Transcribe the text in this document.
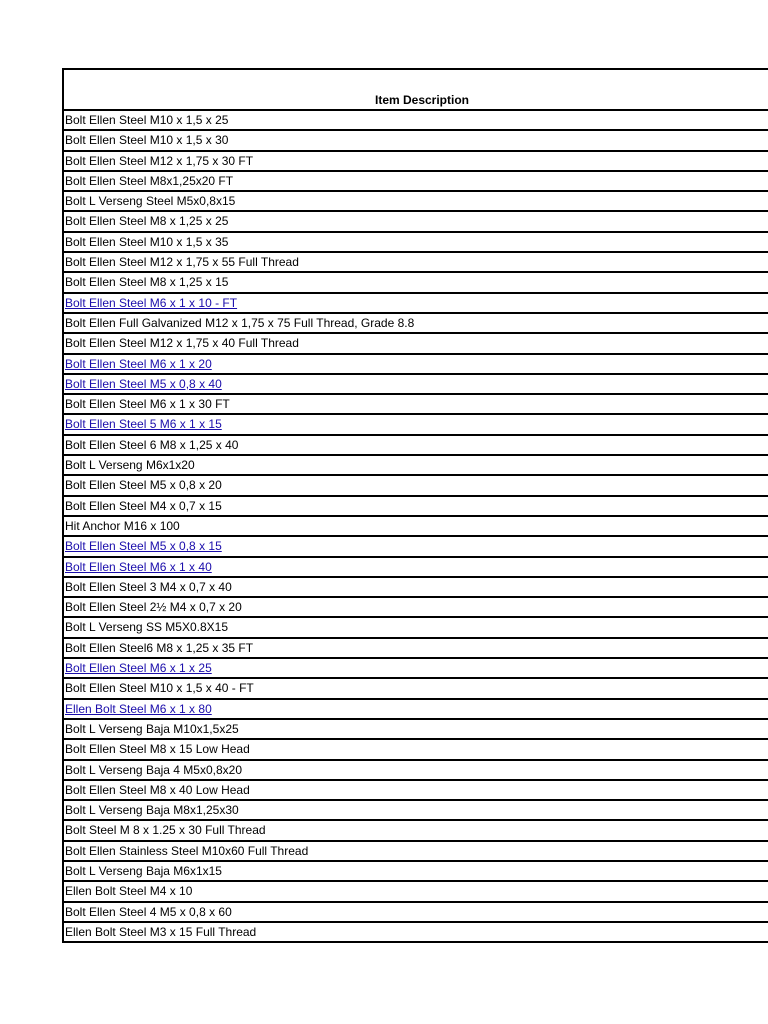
Item Description
Bolt Ellen Steel M10 x 1,5 x 25
Bolt Ellen Steel M10 x 1,5 x 30
Bolt Ellen Steel M12 x 1,75 x 30 FT
Bolt Ellen Steel M8x1,25x20 FT
Bolt L Verseng Steel M5x0,8x15
Bolt Ellen Steel M8 x 1,25 x 25
Bolt Ellen Steel M10 x 1,5 x 35
Bolt Ellen Steel M12 x 1,75 x 55 Full Thread
Bolt Ellen Steel M8 x 1,25 x 15
Bolt Ellen Steel M6 x 1 x 10 - FT
Bolt Ellen Full Galvanized M12 x 1,75 x 75 Full Thread, Grade 8.8
Bolt Ellen Steel M12 x 1,75 x 40 Full Thread
Bolt Ellen Steel M6 x 1 x 20
Bolt Ellen Steel M5 x 0,8 x 40
Bolt Ellen Steel M6 x 1 x 30 FT
Bolt Ellen Steel 5 M6 x 1 x 15
Bolt Ellen Steel 6 M8 x 1,25 x 40
Bolt L Verseng M6x1x20
Bolt Ellen Steel M5 x 0,8 x 20
Bolt Ellen Steel M4 x 0,7 x 15
Hit Anchor M16 x 100
Bolt Ellen Steel M5 x 0,8 x 15
Bolt Ellen Steel M6 x 1 x 40
Bolt Ellen Steel 3 M4 x 0,7 x 40
Bolt Ellen Steel 2½ M4 x 0,7 x 20
Bolt L Verseng SS M5X0.8X15
Bolt Ellen Steel6 M8 x 1,25 x 35 FT
Bolt Ellen Steel M6 x 1 x 25
Bolt Ellen Steel M10 x 1,5 x 40 - FT
Ellen Bolt Steel M6 x 1 x 80
Bolt L Verseng Baja M10x1,5x25
Bolt Ellen Steel M8 x 15 Low Head
Bolt L Verseng Baja 4 M5x0,8x20
Bolt Ellen Steel M8 x 40 Low Head
Bolt L Verseng Baja M8x1,25x30
Bolt Steel M 8 x 1.25 x 30 Full Thread
Bolt Ellen Stainless Steel M10x60 Full Thread
Bolt L Verseng Baja M6x1x15
Ellen Bolt Steel M4 x 10
Bolt Ellen Steel 4 M5 x 0,8 x 60
Ellen Bolt Steel M3 x 15 Full Thread
